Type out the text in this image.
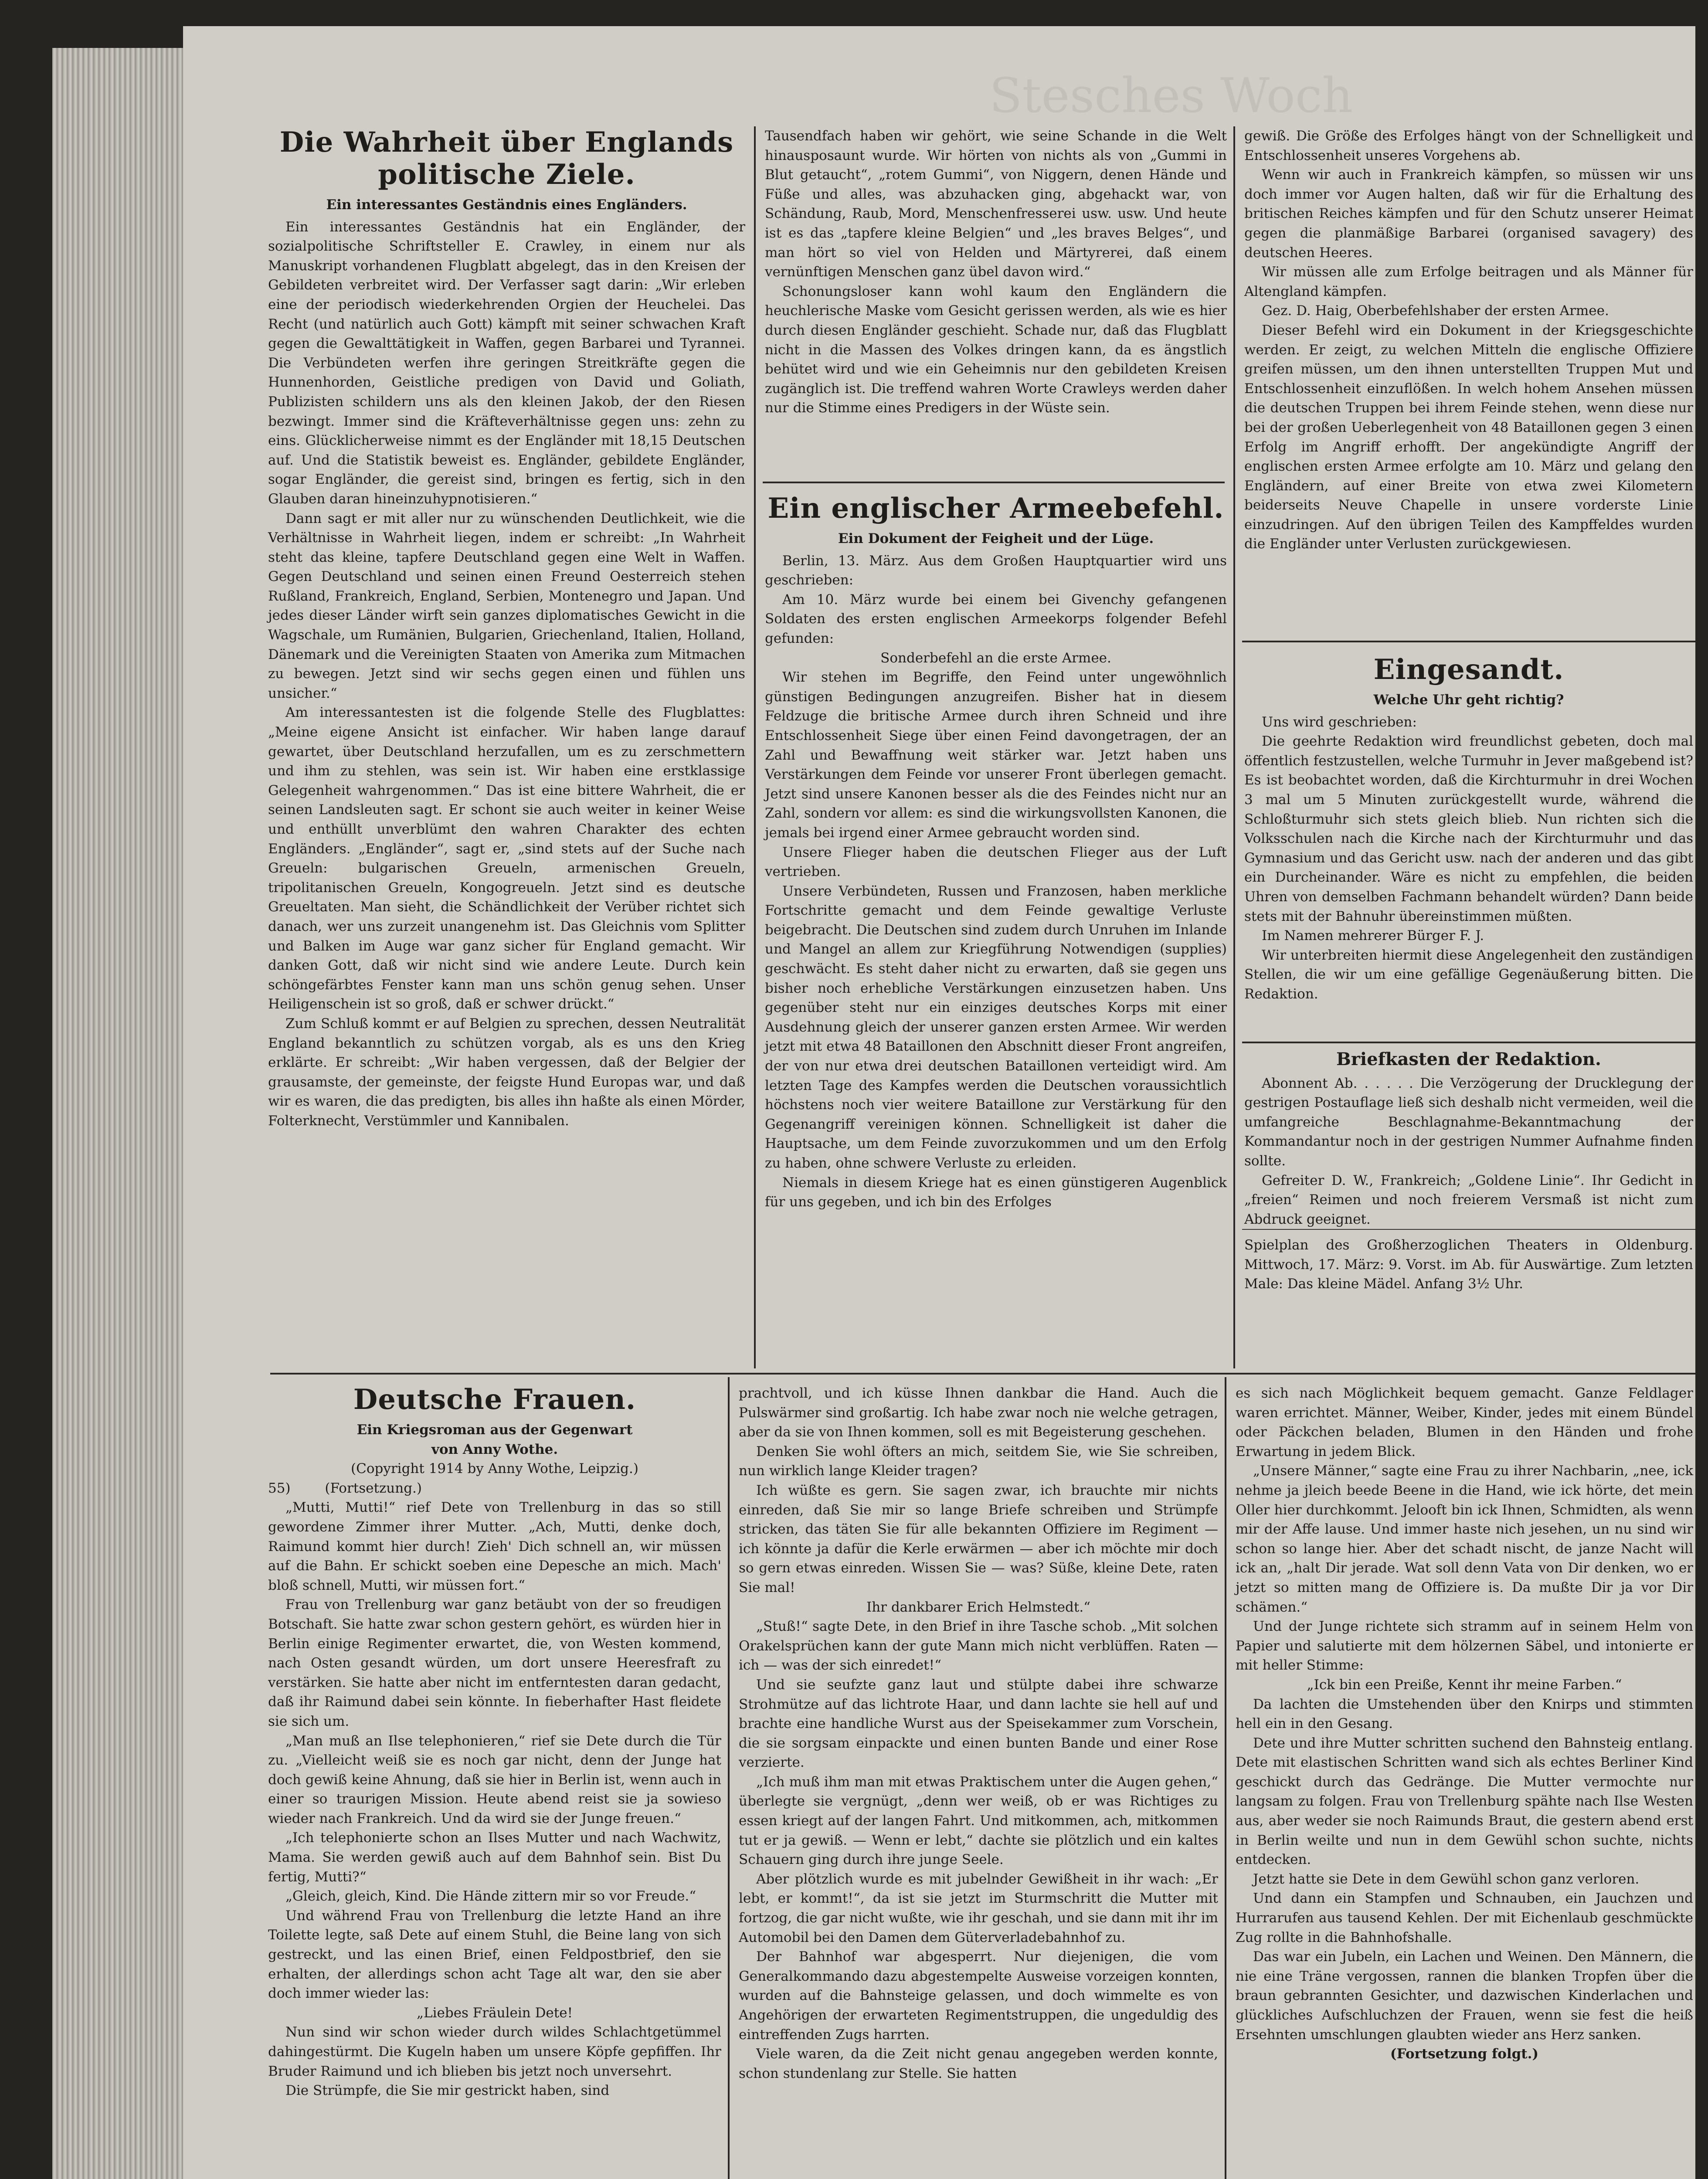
Stesches Woch
Die Wahrheit über Englands politische Ziele.
Ein interessantes Geständnis eines Engländers.

Ein interessantes Geständnis hat ein Engländer, der sozialpolitische Schriftsteller E. Crawley, in einem nur als Manuskript vorhandenen Flugblatt abgelegt, das in den Kreisen der Gebildeten verbreitet wird. Der Verfasser sagt darin: „Wir erleben eine der periodisch wiederkehrenden Orgien der Heuchelei. Das Recht (und natürlich auch Gott) kämpft mit seiner schwachen Kraft gegen die Gewalttätigkeit in Waffen, gegen Barbarei und Tyrannei. Die Verbündeten werfen ihre geringen Streitkräfte gegen die Hunnenhorden, Geistliche predigen von David und Goliath, Publizisten schildern uns als den kleinen Jakob, der den Riesen bezwingt. Immer sind die Kräfteverhältnisse gegen uns: zehn zu eins. Glücklicherweise nimmt es der Engländer mit 18,15 Deutschen auf. Und die Statistik beweist es. Engländer, gebildete Engländer, sogar Engländer, die gereist sind, bringen es fertig, sich in den Glauben daran hineinzuhypnotisieren.“

Dann sagt er mit aller nur zu wünschenden Deutlichkeit, wie die Verhältnisse in Wahrheit liegen, indem er schreibt: „In Wahrheit steht das kleine, tapfere Deutschland gegen eine Welt in Waffen. Gegen Deutschland und seinen einen Freund Oesterreich stehen Rußland, Frankreich, England, Serbien, Montenegro und Japan. Und jedes dieser Länder wirft sein ganzes diplomatisches Gewicht in die Wagschale, um Rumänien, Bulgarien, Griechenland, Italien, Holland, Dänemark und die Vereinigten Staaten von Amerika zum Mitmachen zu bewegen. Jetzt sind wir sechs gegen einen und fühlen uns unsicher.“

Am interessantesten ist die folgende Stelle des Flugblattes: „Meine eigene Ansicht ist einfacher. Wir haben lange darauf gewartet, über Deutschland herzufallen, um es zu zerschmettern und ihm zu stehlen, was sein ist. Wir haben eine erstklassige Gelegenheit wahrgenommen.“ Das ist eine bittere Wahrheit, die er seinen Landsleuten sagt. Er schont sie auch weiter in keiner Weise und enthüllt unverblümt den wahren Charakter des echten Engländers. „Engländer“, sagt er, „sind stets auf der Suche nach Greueln: bulgarischen Greueln, armenischen Greueln, tripolitanischen Greueln, Kongogreueln. Jetzt sind es deutsche Greueltaten. Man sieht, die Schändlichkeit der Verüber richtet sich danach, wer uns zurzeit unangenehm ist. Das Gleichnis vom Splitter und Balken im Auge war ganz sicher für England gemacht. Wir danken Gott, daß wir nicht sind wie andere Leute. Durch kein schöngefärbtes Fenster kann man uns schön genug sehen. Unser Heiligenschein ist so groß, daß er schwer drückt.“

Zum Schluß kommt er auf Belgien zu sprechen, dessen Neutralität England bekanntlich zu schützen vorgab, als es uns den Krieg erklärte. Er schreibt: „Wir haben vergessen, daß der Belgier der grausamste, der gemeinste, der feigste Hund Europas war, und daß wir es waren, die das predigten, bis alles ihn haßte als einen Mörder, Folterknecht, Verstümmler und Kannibalen.

Tausendfach haben wir gehört, wie seine Schande in die Welt hinausposaunt wurde. Wir hörten von nichts als von „Gummi in Blut getaucht“, „rotem Gummi“, von Niggern, denen Hände und Füße und alles, was abzuhacken ging, abgehackt war, von Schändung, Raub, Mord, Menschenfresserei usw. usw. Und heute ist es das „tapfere kleine Belgien“ und „les braves Belges“, und man hört so viel von Helden und Märtyrerei, daß einem vernünftigen Menschen ganz übel davon wird.“

Schonungsloser kann wohl kaum den Engländern die heuchlerische Maske vom Gesicht gerissen werden, als wie es hier durch diesen Engländer geschieht. Schade nur, daß das Flugblatt nicht in die Massen des Volkes dringen kann, da es ängstlich behütet wird und wie ein Geheimnis nur den gebildeten Kreisen zugänglich ist. Die treffend wahren Worte Crawleys werden daher nur die Stimme eines Predigers in der Wüste sein.

Ein englischer Armeebefehl.
Ein Dokument der Feigheit und der Lüge.

Berlin, 13. März. Aus dem Großen Hauptquartier wird uns geschrieben:

Am 10. März wurde bei einem bei Givenchy gefangenen Soldaten des ersten englischen Armeekorps folgender Befehl gefunden:

Sonderbefehl an die erste Armee.

Wir stehen im Begriffe, den Feind unter ungewöhnlich günstigen Bedingungen anzugreifen. Bisher hat in diesem Feldzuge die britische Armee durch ihren Schneid und ihre Entschlossenheit Siege über einen Feind davongetragen, der an Zahl und Bewaffnung weit stärker war. Jetzt haben uns Verstärkungen dem Feinde vor unserer Front überlegen gemacht. Jetzt sind unsere Kanonen besser als die des Feindes nicht nur an Zahl, sondern vor allem: es sind die wirkungsvollsten Kanonen, die jemals bei irgend einer Armee gebraucht worden sind.

Unsere Flieger haben die deutschen Flieger aus der Luft vertrieben.

Unsere Verbündeten, Russen und Franzosen, haben merkliche Fortschritte gemacht und dem Feinde gewaltige Verluste beigebracht. Die Deutschen sind zudem durch Unruhen im Inlande und Mangel an allem zur Kriegführung Notwendigen (supplies) geschwächt. Es steht daher nicht zu erwarten, daß sie gegen uns bisher noch erhebliche Verstärkungen einzusetzen haben. Uns gegenüber steht nur ein einziges deutsches Korps mit einer Ausdehnung gleich der unserer ganzen ersten Armee. Wir werden jetzt mit etwa 48 Bataillonen den Abschnitt dieser Front angreifen, der von nur etwa drei deutschen Bataillonen verteidigt wird. Am letzten Tage des Kampfes werden die Deutschen voraussichtlich höchstens noch vier weitere Bataillone zur Verstärkung für den Gegenangriff vereinigen können. Schnelligkeit ist daher die Hauptsache, um dem Feinde zuvorzukommen und um den Erfolg zu haben, ohne schwere Verluste zu erleiden.

Niemals in diesem Kriege hat es einen günstigeren Augenblick für uns gegeben, und ich bin des Erfolges

gewiß. Die Größe des Erfolges hängt von der Schnelligkeit und Entschlossenheit unseres Vorgehens ab.

Wenn wir auch in Frankreich kämpfen, so müssen wir uns doch immer vor Augen halten, daß wir für die Erhaltung des britischen Reiches kämpfen und für den Schutz unserer Heimat gegen die planmäßige Barbarei (organised savagery) des deutschen Heeres.

Wir müssen alle zum Erfolge beitragen und als Männer für Altengland kämpfen.

Gez. D. Haig, Oberbefehlshaber der ersten Armee.

Dieser Befehl wird ein Dokument in der Kriegsgeschichte werden. Er zeigt, zu welchen Mitteln die englische Offiziere greifen müssen, um den ihnen unterstellten Truppen Mut und Entschlossenheit einzuflößen. In welch hohem Ansehen müssen die deutschen Truppen bei ihrem Feinde stehen, wenn diese nur bei der großen Ueberlegenheit von 48 Bataillonen gegen 3 einen Erfolg im Angriff erhofft. Der angekündigte Angriff der englischen ersten Armee erfolgte am 10. März und gelang den Engländern, auf einer Breite von etwa zwei Kilometern beiderseits Neuve Chapelle in unsere vorderste Linie einzudringen. Auf den übrigen Teilen des Kampffeldes wurden die Engländer unter Verlusten zurückgewiesen.

Eingesandt.
Welche Uhr geht richtig?

Uns wird geschrieben:

Die geehrte Redaktion wird freundlichst gebeten, doch mal öffentlich festzustellen, welche Turmuhr in Jever maßgebend ist? Es ist beobachtet worden, daß die Kirchturmuhr in drei Wochen 3 mal um 5 Minuten zurückgestellt wurde, während die Schloßturmuhr sich stets gleich blieb. Nun richten sich die Volksschulen nach die Kirche nach der Kirchturmuhr und das Gymnasium und das Gericht usw. nach der anderen und das gibt ein Durcheinander. Wäre es nicht zu empfehlen, die beiden Uhren von demselben Fachmann behandelt würden? Dann beide stets mit der Bahnuhr übereinstimmen müßten.

Im Namen mehrerer Bürger F. J.

Wir unterbreiten hiermit diese Angelegenheit den zuständigen Stellen, die wir um eine gefällige Gegenäußerung bitten. Die Redaktion.

Briefkasten der Redaktion.

Abonnent Ab. . . . . . Die Verzögerung der Drucklegung der gestrigen Postauflage ließ sich deshalb nicht vermeiden, weil die umfangreiche Beschlagnahme-Bekanntmachung der Kommandantur noch in der gestrigen Nummer Aufnahme finden sollte.

Gefreiter D. W., Frankreich; „Goldene Linie“. Ihr Gedicht in „freien“ Reimen und noch freierem Versmaß ist nicht zum Abdruck geeignet.

Spielplan des Großherzoglichen Theaters in Oldenburg. Mittwoch, 17. März: 9. Vorst. im Ab. für Auswärtige. Zum letzten Male: Das kleine Mädel. Anfang 3½ Uhr.

Deutsche Frauen.

Ein Kriegsroman aus der Gegenwart

von Anny Wothe.

(Copyright 1914 by Anny Wothe, Leipzig.)

55)	(Fortsetzung.)

„Mutti, Mutti!“ rief Dete von Trellenburg in das so still gewordene Zimmer ihrer Mutter. „Ach, Mutti, denke doch, Raimund kommt hier durch! Zieh' Dich schnell an, wir müssen auf die Bahn. Er schickt soeben eine Depesche an mich. Mach' bloß schnell, Mutti, wir müssen fort.“

Frau von Trellenburg war ganz betäubt von der so freudigen Botschaft. Sie hatte zwar schon gestern gehört, es würden hier in Berlin einige Regimenter erwartet, die, von Westen kommend, nach Osten gesandt würden, um dort unsere Heeresfraft zu verstärken. Sie hatte aber nicht im entferntesten daran gedacht, daß ihr Raimund dabei sein könnte. In fieberhafter Hast fleidete sie sich um.

„Man muß an Ilse telephonieren,“ rief sie Dete durch die Tür zu. „Vielleicht weiß sie es noch gar nicht, denn der Junge hat doch gewiß keine Ahnung, daß sie hier in Berlin ist, wenn auch in einer so traurigen Mission. Heute abend reist sie ja sowieso wieder nach Frankreich. Und da wird sie der Junge freuen.“

„Ich telephonierte schon an Ilses Mutter und nach Wachwitz, Mama. Sie werden gewiß auch auf dem Bahnhof sein. Bist Du fertig, Mutti?“

„Gleich, gleich, Kind. Die Hände zittern mir so vor Freude.“

Und während Frau von Trellenburg die letzte Hand an ihre Toilette legte, saß Dete auf einem Stuhl, die Beine lang von sich gestreckt, und las einen Brief, einen Feldpostbrief, den sie erhalten, der allerdings schon acht Tage alt war, den sie aber doch immer wieder las:

„Liebes Fräulein Dete!

Nun sind wir schon wieder durch wildes Schlachtgetümmel dahingestürmt. Die Kugeln haben um unsere Köpfe gepfiffen. Ihr Bruder Raimund und ich blieben bis jetzt noch unversehrt.

Die Strümpfe, die Sie mir gestrickt haben, sind

prachtvoll, und ich küsse Ihnen dankbar die Hand. Auch die Pulswärmer sind großartig. Ich habe zwar noch nie welche getragen, aber da sie von Ihnen kommen, soll es mit Begeisterung geschehen.

Denken Sie wohl öfters an mich, seitdem Sie, wie Sie schreiben, nun wirklich lange Kleider tragen?

Ich wüßte es gern. Sie sagen zwar, ich brauchte mir nichts einreden, daß Sie mir so lange Briefe schreiben und Strümpfe stricken, das täten Sie für alle bekannten Offiziere im Regiment — ich könnte ja dafür die Kerle erwärmen — aber ich möchte mir doch so gern etwas einreden. Wissen Sie — was? Süße, kleine Dete, raten Sie mal!

Ihr dankbarer Erich Helmstedt.“

„Stuß!“ sagte Dete, in den Brief in ihre Tasche schob. „Mit solchen Orakelsprüchen kann der gute Mann mich nicht verblüffen. Raten — ich — was der sich einredet!“

Und sie seufzte ganz laut und stülpte dabei ihre schwarze Strohmütze auf das lichtrote Haar, und dann lachte sie hell auf und brachte eine handliche Wurst aus der Speisekammer zum Vorschein, die sie sorgsam einpackte und einen bunten Bande und einer Rose verzierte.

„Ich muß ihm man mit etwas Praktischem unter die Augen gehen,“ überlegte sie vergnügt, „denn wer weiß, ob er was Richtiges zu essen kriegt auf der langen Fahrt. Und mitkommen, ach, mitkommen tut er ja gewiß. — Wenn er lebt,“ dachte sie plötzlich und ein kaltes Schauern ging durch ihre junge Seele.

Aber plötzlich wurde es mit jubelnder Gewißheit in ihr wach: „Er lebt, er kommt!“, da ist sie jetzt im Sturmschritt die Mutter mit fortzog, die gar nicht wußte, wie ihr geschah, und sie dann mit ihr im Automobil bei den Damen dem Güterverladebahnhof zu.

Der Bahnhof war abgesperrt. Nur diejenigen, die vom Generalkommando dazu abgestempelte Ausweise vorzeigen konnten, wurden auf die Bahnsteige gelassen, und doch wimmelte es von Angehörigen der erwarteten Regimentstruppen, die ungeduldig des eintreffenden Zugs harrten.

Viele waren, da die Zeit nicht genau angegeben werden konnte, schon stundenlang zur Stelle. Sie hatten

es sich nach Möglichkeit bequem gemacht. Ganze Feldlager waren errichtet. Männer, Weiber, Kinder, jedes mit einem Bündel oder Päckchen beladen, Blumen in den Händen und frohe Erwartung in jedem Blick.

„Unsere Männer,“ sagte eine Frau zu ihrer Nachbarin, „nee, ick nehme ja jleich beede Beene in die Hand, wie ick hörte, det mein Oller hier durchkommt. Jelooft bin ick Ihnen, Schmidten, als wenn mir der Affe lause. Und immer haste nich jesehen, un nu sind wir schon so lange hier. Aber det schadt nischt, de janze Nacht will ick an, „halt Dir jerade. Wat soll denn Vata von Dir denken, wo er jetzt so mitten mang de Offiziere is. Da mußte Dir ja vor Dir schämen.“

Und der Junge richtete sich stramm auf in seinem Helm von Papier und salutierte mit dem hölzernen Säbel, und intonierte er mit heller Stimme:

„Ick bin een Preiße, Kennt ihr meine Farben.“

Da lachten die Umstehenden über den Knirps und stimmten hell ein in den Gesang.

Dete und ihre Mutter schritten suchend den Bahnsteig entlang. Dete mit elastischen Schritten wand sich als echtes Berliner Kind geschickt durch das Gedränge. Die Mutter vermochte nur langsam zu folgen. Frau von Trellenburg spähte nach Ilse Westen aus, aber weder sie noch Raimunds Braut, die gestern abend erst in Berlin weilte und nun in dem Gewühl schon suchte, nichts entdecken.

Jetzt hatte sie Dete in dem Gewühl schon ganz verloren.

Und dann ein Stampfen und Schnauben, ein Jauchzen und Hurrarufen aus tausend Kehlen. Der mit Eichenlaub geschmückte Zug rollte in die Bahnhofshalle.

Das war ein Jubeln, ein Lachen und Weinen. Den Männern, die nie eine Träne vergossen, rannen die blanken Tropfen über die braun gebrannten Gesichter, und dazwischen Kinderlachen und glückliches Aufschluchzen der Frauen, wenn sie fest die heiß Ersehnten umschlungen glaubten wieder ans Herz sanken.

(Fortsetzung folgt.)
